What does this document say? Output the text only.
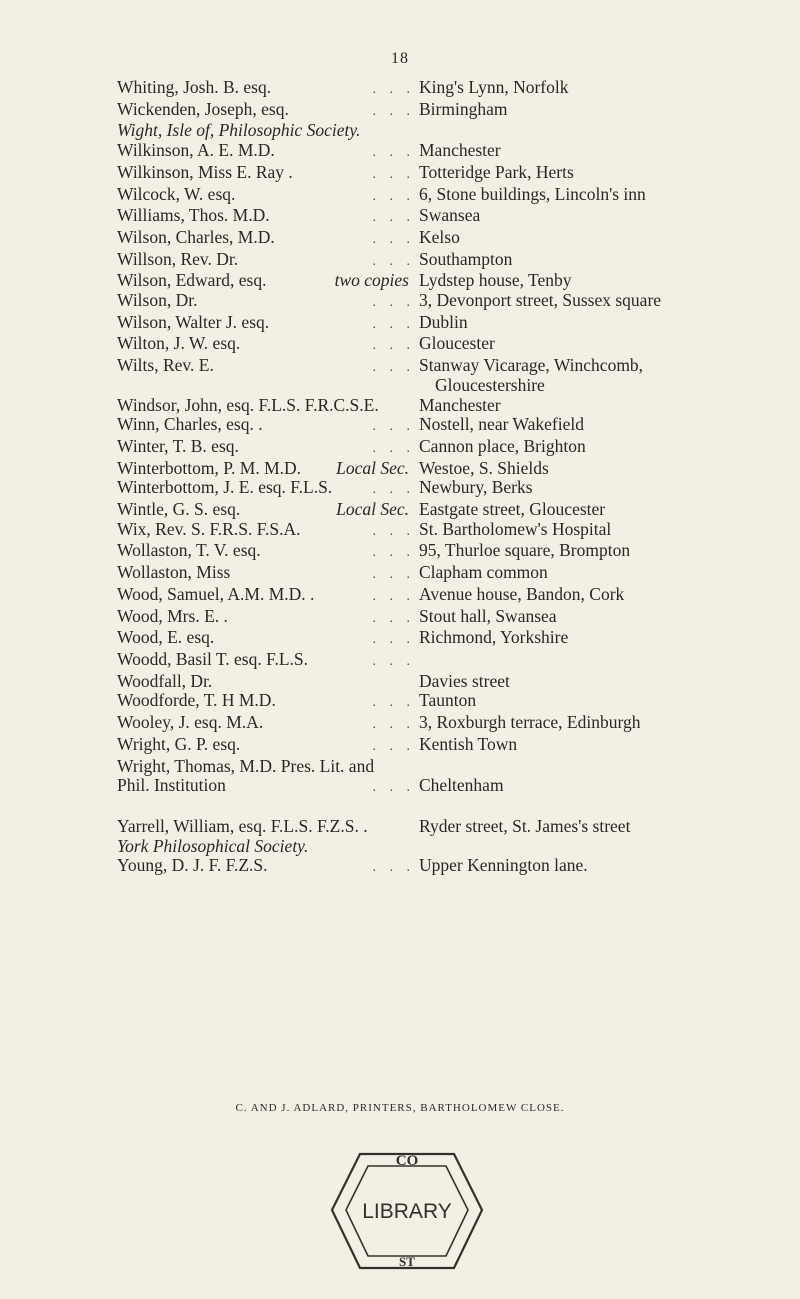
18
Whiting, Josh. B. esq.	. . . King's Lynn, Norfolk
Wickenden, Joseph, esq.	. . . Birmingham
Wight, Isle of, Philosophic Society.
Wilkinson, A. E. M.D.	. . . Manchester
Wilkinson, Miss E. Ray .	. . . Totteridge Park, Herts
Wilcock, W. esq.	. . . 6, Stone buildings, Lincoln's inn
Williams, Thos. M.D.	. . . Swansea
Wilson, Charles, M.D.	. . . Kelso
Willson, Rev. Dr.	. . . Southampton
Wilson, Edward, esq.	two copies Lydstep house, Tenby
Wilson, Dr.	. . . 3, Devonport street, Sussex square
Wilson, Walter J. esq.	. . . Dublin
Wilton, J. W. esq.	. . . Gloucester
Wilts, Rev. E.	. . . Stanway Vicarage, Winchcomb,
Gloucestershire
Windsor, John, esq. F.L.S. F.R.C.S.E. Manchester
Winn, Charles, esq. .	. . . Nostell, near Wakefield
Winter, T. B. esq.	. . . Cannon place, Brighton
Winterbottom, P. M. M.D.	Local Sec. Westoe, S. Shields
Winterbottom, J. E. esq. F.L.S.	. . . Newbury, Berks
Wintle, G. S. esq.	Local Sec. Eastgate street, Gloucester
Wix, Rev. S. F.R.S. F.S.A.	. . . St. Bartholomew's Hospital
Wollaston, T. V. esq.	. . . 95, Thurloe square, Brompton
Wollaston, Miss	. . . Clapham common
Wood, Samuel, A.M. M.D. .	. . . Avenue house, Bandon, Cork
Wood, Mrs. E. .	. . . Stout hall, Swansea
Wood, E. esq.	. . . Richmond, Yorkshire
Woodd, Basil T. esq. F.L.S.	. . .
Woodfall, Dr.	Davies street
Woodforde, T. H M.D.	. . . Taunton
Wooley, J. esq. M.A.	. . . 3, Roxburgh terrace, Edinburgh
Wright, G. P. esq.	. . . Kentish Town
Wright, Thomas, M.D. Pres. Lit. and
Phil. Institution	. . . Cheltenham
Yarrell, William, esq. F.L.S. F.Z.S. .	Ryder street, St. James's street
York Philosophical Society.
Young, D. J. F. F.Z.S.	. . . Upper Kennington lane.
C. AND J. ADLARD, PRINTERS, BARTHOLOMEW CLOSE.
CO
ST
LIBRARY
